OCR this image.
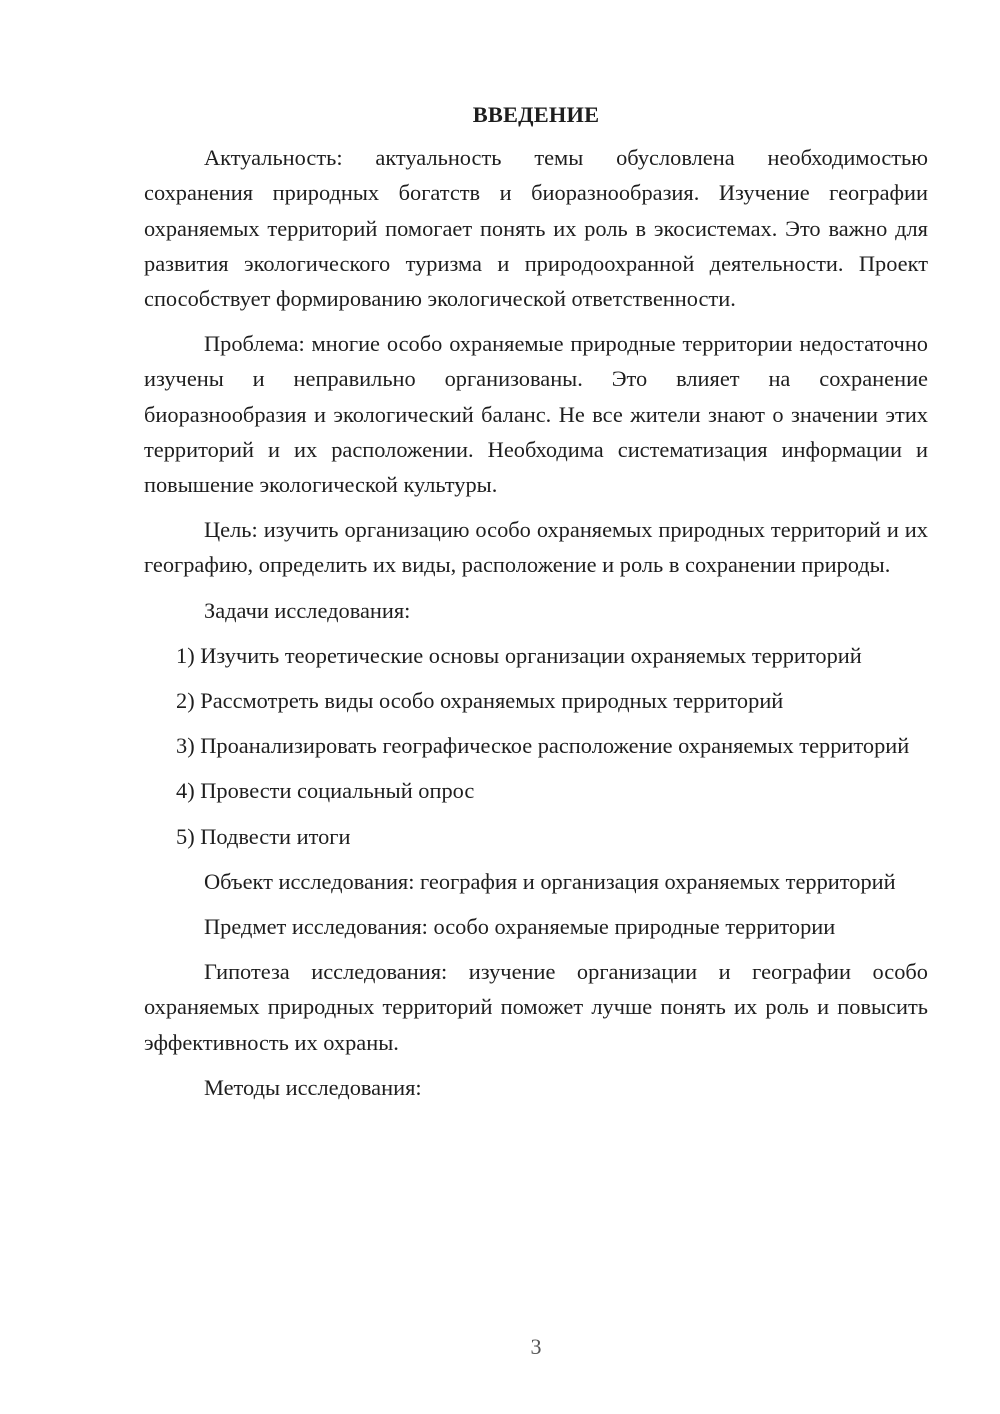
ВВЕДЕНИЕ

Актуальность: актуальность темы обусловлена необходимостью сохранения природных богатств и биоразнообразия. Изучение географии охраняемых территорий помогает понять их роль в экосистемах. Это важно для развития экологического туризма и природоохранной деятельности. Проект способствует формированию экологической ответственности.

Проблема: многие особо охраняемые природные территории недостаточно изучены и неправильно организованы. Это влияет на сохранение биоразнообразия и экологический баланс. Не все жители знают о значении этих территорий и их расположении. Необходима систематизация информации и повышение экологической культуры.

Цель: изучить организацию особо охраняемых природных территорий и их географию, определить их виды, расположение и роль в сохранении природы.

Задачи исследования:

1) Изучить теоретические основы организации охраняемых территорий

2) Рассмотреть виды особо охраняемых природных территорий

3) Проанализировать географическое расположение охраняемых территорий

4) Провести социальный опрос

5) Подвести итоги

Объект исследования: география и организация охраняемых территорий

Предмет исследования: особо охраняемые природные территории

Гипотеза исследования: изучение организации и географии особо охраняемых природных территорий поможет лучше понять их роль и повысить эффективность их охраны.

Методы исследования:

3
